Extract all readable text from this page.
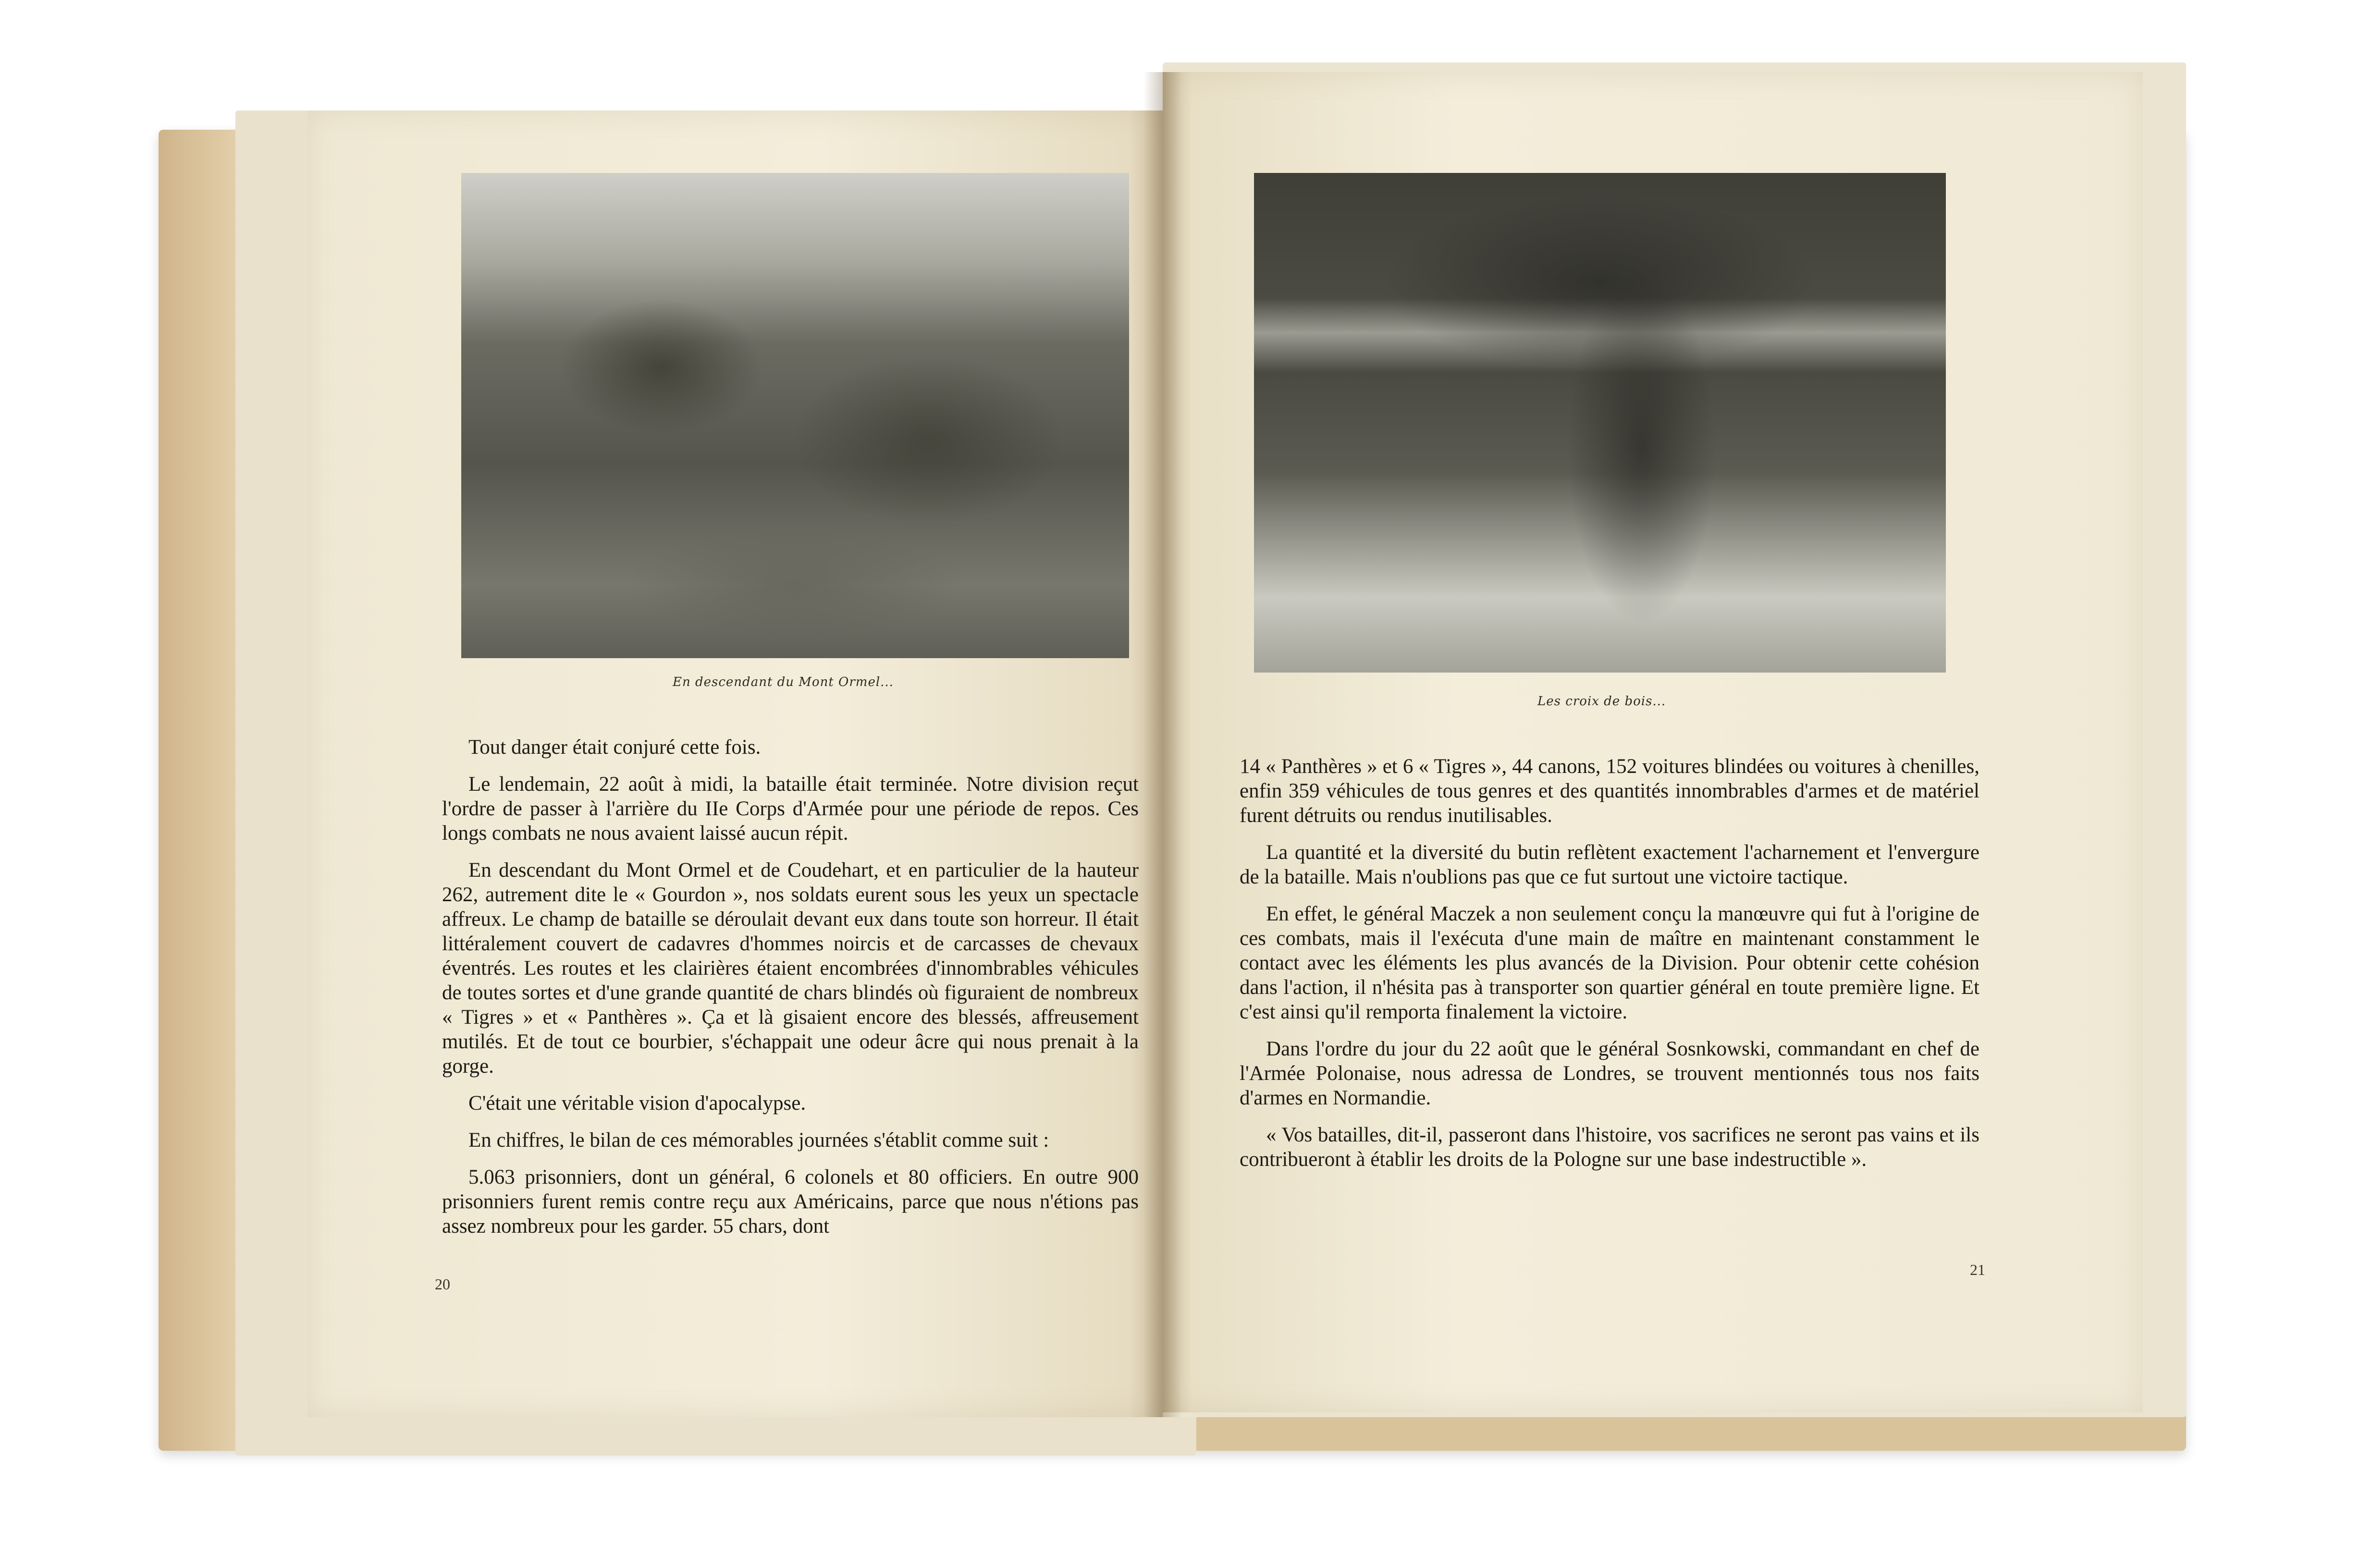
En descendant du Mont Ormel...

Tout danger était conjuré cette fois.

Le lendemain, 22 août à midi, la bataille était terminée. Notre division reçut l'ordre de passer à l'arrière du IIe Corps d'Armée pour une période de repos. Ces longs combats ne nous avaient laissé aucun répit.

En descendant du Mont Ormel et de Coudehart, et en particulier de la hauteur 262, autrement dite le « Gourdon », nos soldats eurent sous les yeux un spectacle affreux. Le champ de bataille se déroulait devant eux dans toute son horreur. Il était littéralement couvert de cadavres d'hommes noircis et de carcasses de chevaux éventrés. Les routes et les clairières étaient encombrées d'innombrables véhicules de toutes sortes et d'une grande quantité de chars blindés où figuraient de nombreux « Tigres » et « Panthères ». Ça et là gisaient encore des blessés, affreusement mutilés. Et de tout ce bourbier, s'échappait une odeur âcre qui nous prenait à la gorge.

C'était une véritable vision d'apocalypse.

En chiffres, le bilan de ces mémorables journées s'établit comme suit :

5.063 prisonniers, dont un général, 6 colonels et 80 officiers. En outre 900 prisonniers furent remis contre reçu aux Américains, parce que nous n'étions pas assez nombreux pour les garder. 55 chars, dont

20
Les croix de bois...

14 « Panthères » et 6 « Tigres », 44 canons, 152 voitures blindées ou voitures à chenilles, enfin 359 véhicules de tous genres et des quantités innombrables d'armes et de matériel furent détruits ou rendus inutilisables.

La quantité et la diversité du butin reflètent exactement l'acharnement et l'envergure de la bataille. Mais n'oublions pas que ce fut surtout une victoire tactique.

En effet, le général Maczek a non seulement conçu la manœuvre qui fut à l'origine de ces combats, mais il l'exécuta d'une main de maître en maintenant constamment le contact avec les éléments les plus avancés de la Division. Pour obtenir cette cohésion dans l'action, il n'hésita pas à transporter son quartier général en toute première ligne. Et c'est ainsi qu'il remporta finalement la victoire.

Dans l'ordre du jour du 22 août que le général Sosnkowski, commandant en chef de l'Armée Polonaise, nous adressa de Londres, se trouvent mentionnés tous nos faits d'armes en Normandie.

« Vos batailles, dit-il, passeront dans l'histoire, vos sacrifices ne seront pas vains et ils contribueront à établir les droits de la Pologne sur une base indestructible ».

21
